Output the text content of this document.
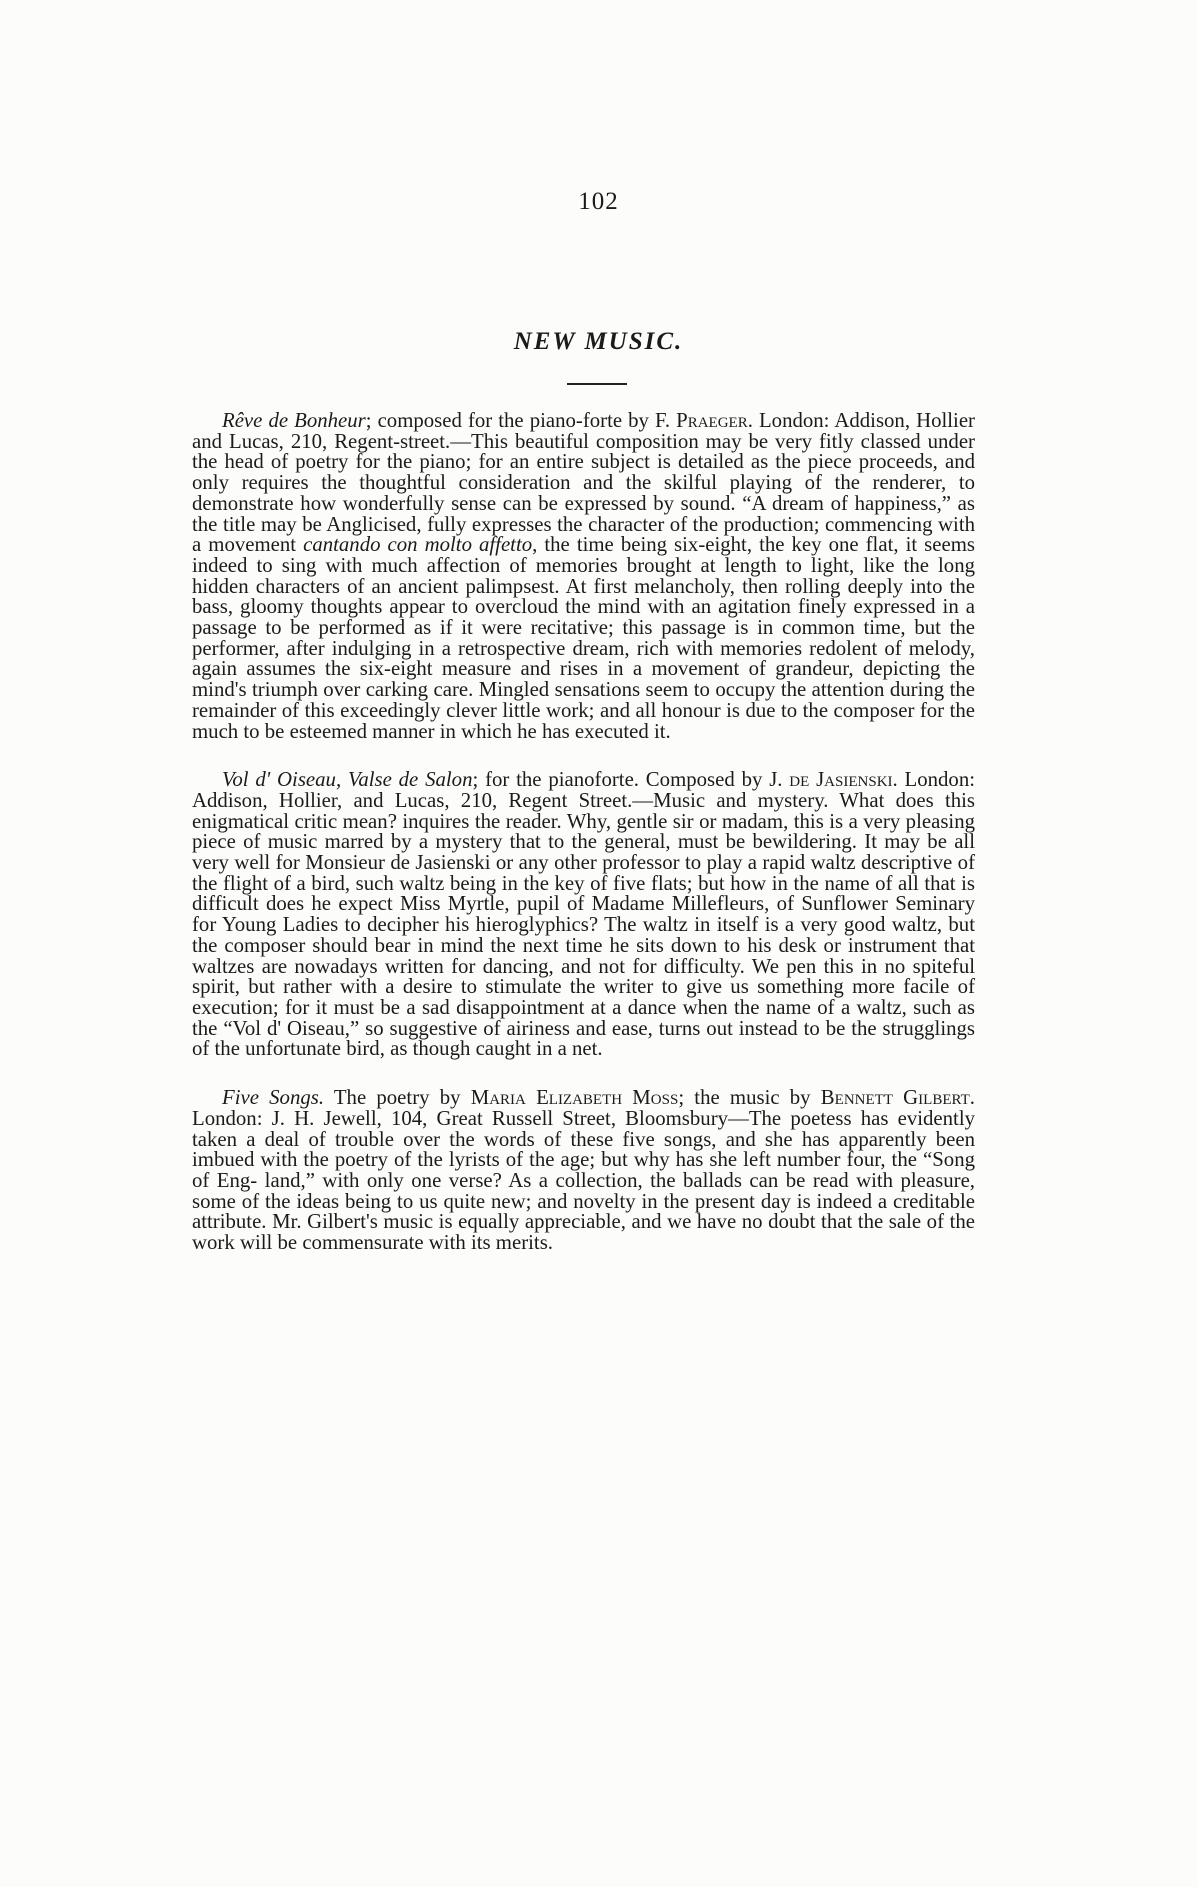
102
NEW MUSIC.

Rêve de Bonheur; composed for the piano-forte by F. Praeger. London: Addison, Hollier and Lucas, 210, Regent-street.—This beautiful composition may be very fitly classed under the head of poetry for the piano; for an entire subject is detailed as the piece proceeds, and only requires the thoughtful consideration and the skilful playing of the renderer, to demonstrate how wonderfully sense can be expressed by sound. “A dream of happiness,” as the title may be Anglicised, fully expresses the character of the production; commencing with a movement cantando con molto affetto, the time being six-eight, the key one flat, it seems indeed to sing with much affection of memories brought at length to light, like the long hidden characters of an ancient palimpsest. At first melancholy, then rolling deeply into the bass, gloomy thoughts appear to overcloud the mind with an agitation finely expressed in a passage to be performed as if it were recitative; this passage is in common time, but the performer, after indulging in a retrospective dream, rich with memories redolent of melody, again assumes the six-eight measure and rises in a movement of grandeur, depicting the mind's triumph over carking care. Mingled sensations seem to occupy the attention during the remainder of this exceedingly clever little work; and all honour is due to the composer for the much to be esteemed manner in which he has executed it.

Vol d' Oiseau, Valse de Salon; for the pianoforte. Composed by J. de Jasienski. London: Addison, Hollier, and Lucas, 210, Regent Street.—Music and mystery. What does this enigmatical critic mean? inquires the reader. Why, gentle sir or madam, this is a very pleasing piece of music marred by a mystery that to the general, must be bewildering. It may be all very well for Monsieur de Jasienski or any other professor to play a rapid waltz descriptive of the flight of a bird, such waltz being in the key of five flats; but how in the name of all that is difficult does he expect Miss Myrtle, pupil of Madame Millefleurs, of Sunflower Seminary for Young Ladies to decipher his hieroglyphics? The waltz in itself is a very good waltz, but the composer should bear in mind the next time he sits down to his desk or instrument that waltzes are nowadays written for dancing, and not for difficulty. We pen this in no spiteful spirit, but rather with a desire to stimulate the writer to give us something more facile of execution; for it must be a sad disappointment at a dance when the name of a waltz, such as the “Vol d' Oiseau,” so suggestive of airiness and ease, turns out instead to be the strugglings of the unfortunate bird, as though caught in a net.

Five Songs. The poetry by Maria Elizabeth Moss; the music by Bennett Gilbert. London: J. H. Jewell, 104, Great Russell Street, Bloomsbury—The poetess has evidently taken a deal of trouble over the words of these five songs, and she has apparently been imbued with the poetry of the lyrists of the age; but why has she left number four, the “Song of Eng- land,” with only one verse? As a collection, the ballads can be read with pleasure, some of the ideas being to us quite new; and novelty in the present day is indeed a creditable attribute. Mr. Gilbert's music is equally appreciable, and we have no doubt that the sale of the work will be commensurate with its merits.
